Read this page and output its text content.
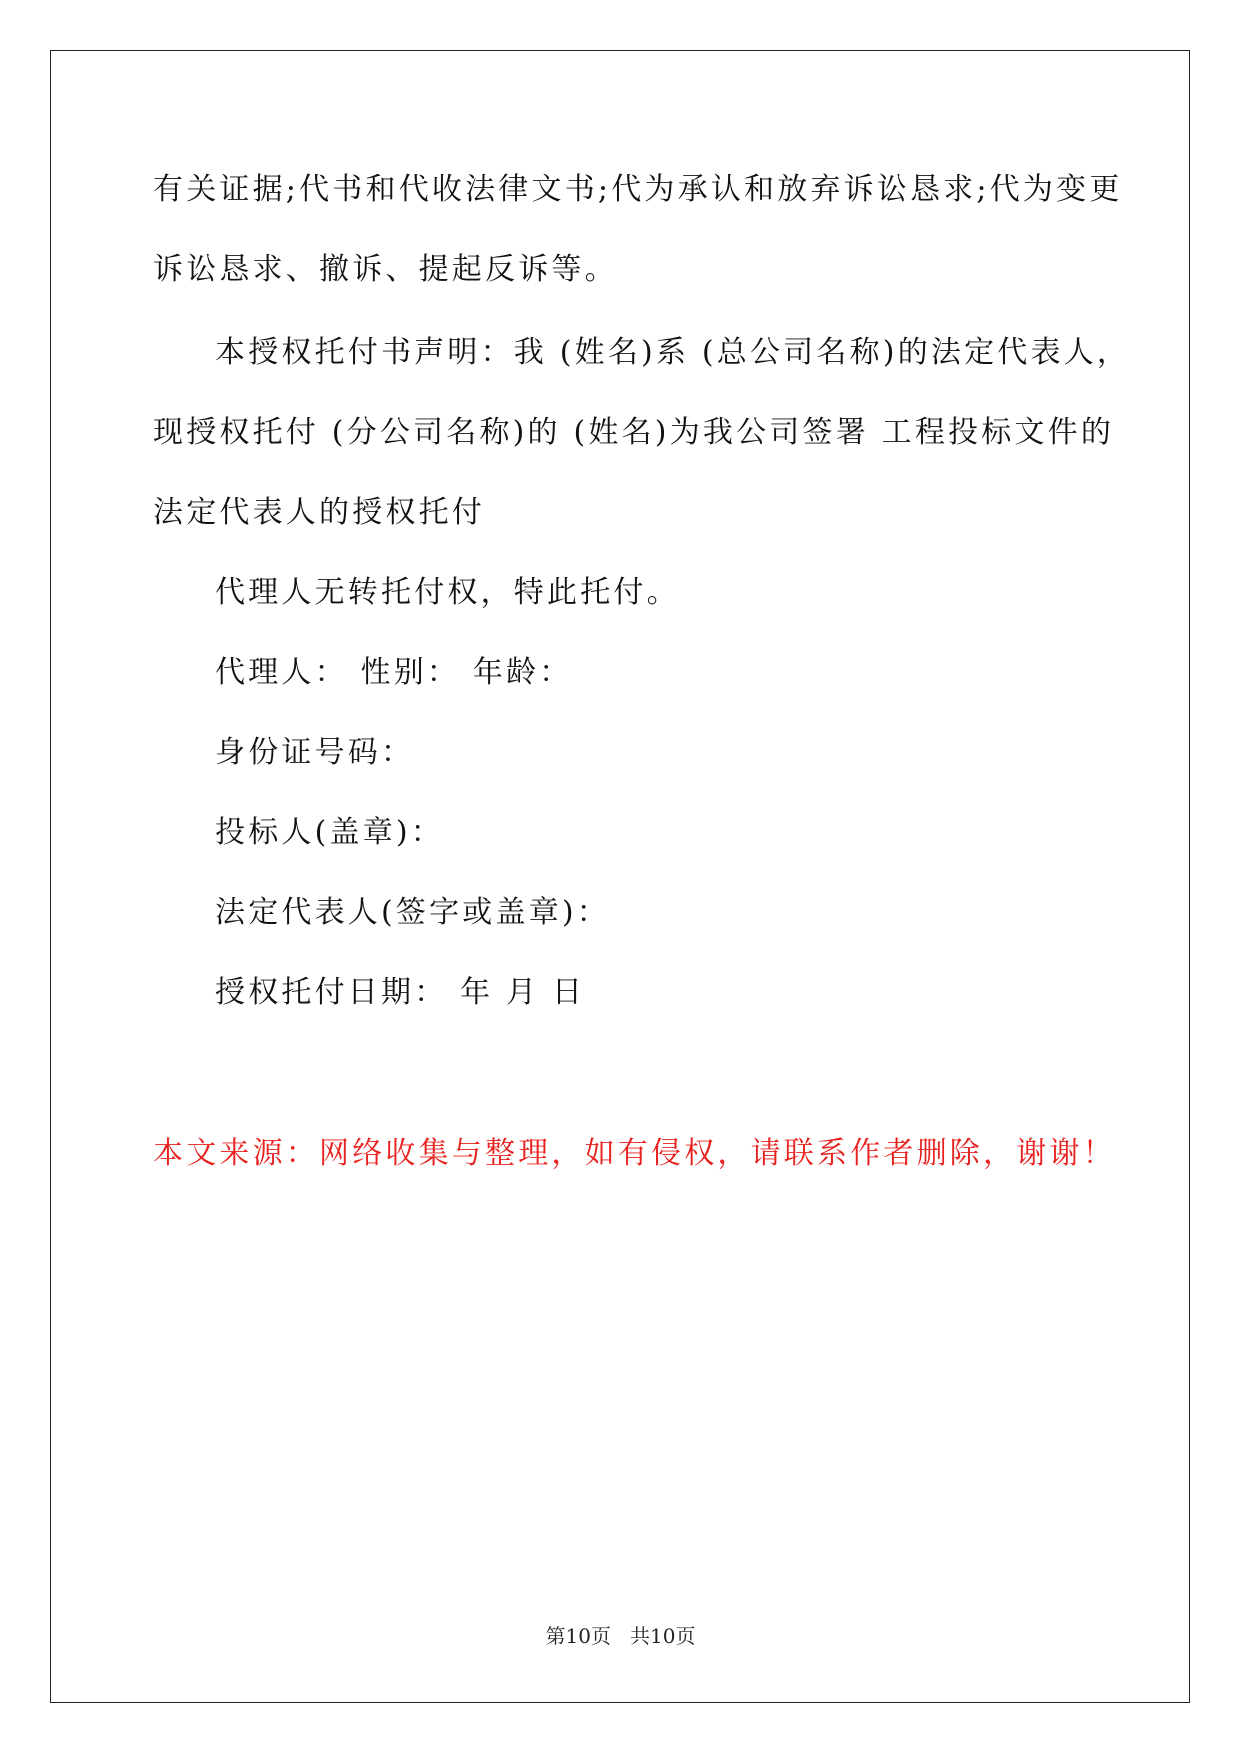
有关证据;代书和代收法律文书;代为承认和放弃诉讼恳求;代为变更
诉讼恳求、撤诉、提起反诉等。
本授权托付书声明：我 (姓名)系 (总公司名称)的法定代表人，
现授权托付 (分公司名称)的 (姓名)为我公司签署 工程投标文件的
法定代表人的授权托付
代理人无转托付权，特此托付。
代理人： 性别： 年龄：
身份证号码：
投标人(盖章)：
法定代表人(签字或盖章)：
授权托付日期： 年 月 日
本文来源：网络收集与整理，如有侵权，请联系作者删除，谢谢！
第10页   共10页
